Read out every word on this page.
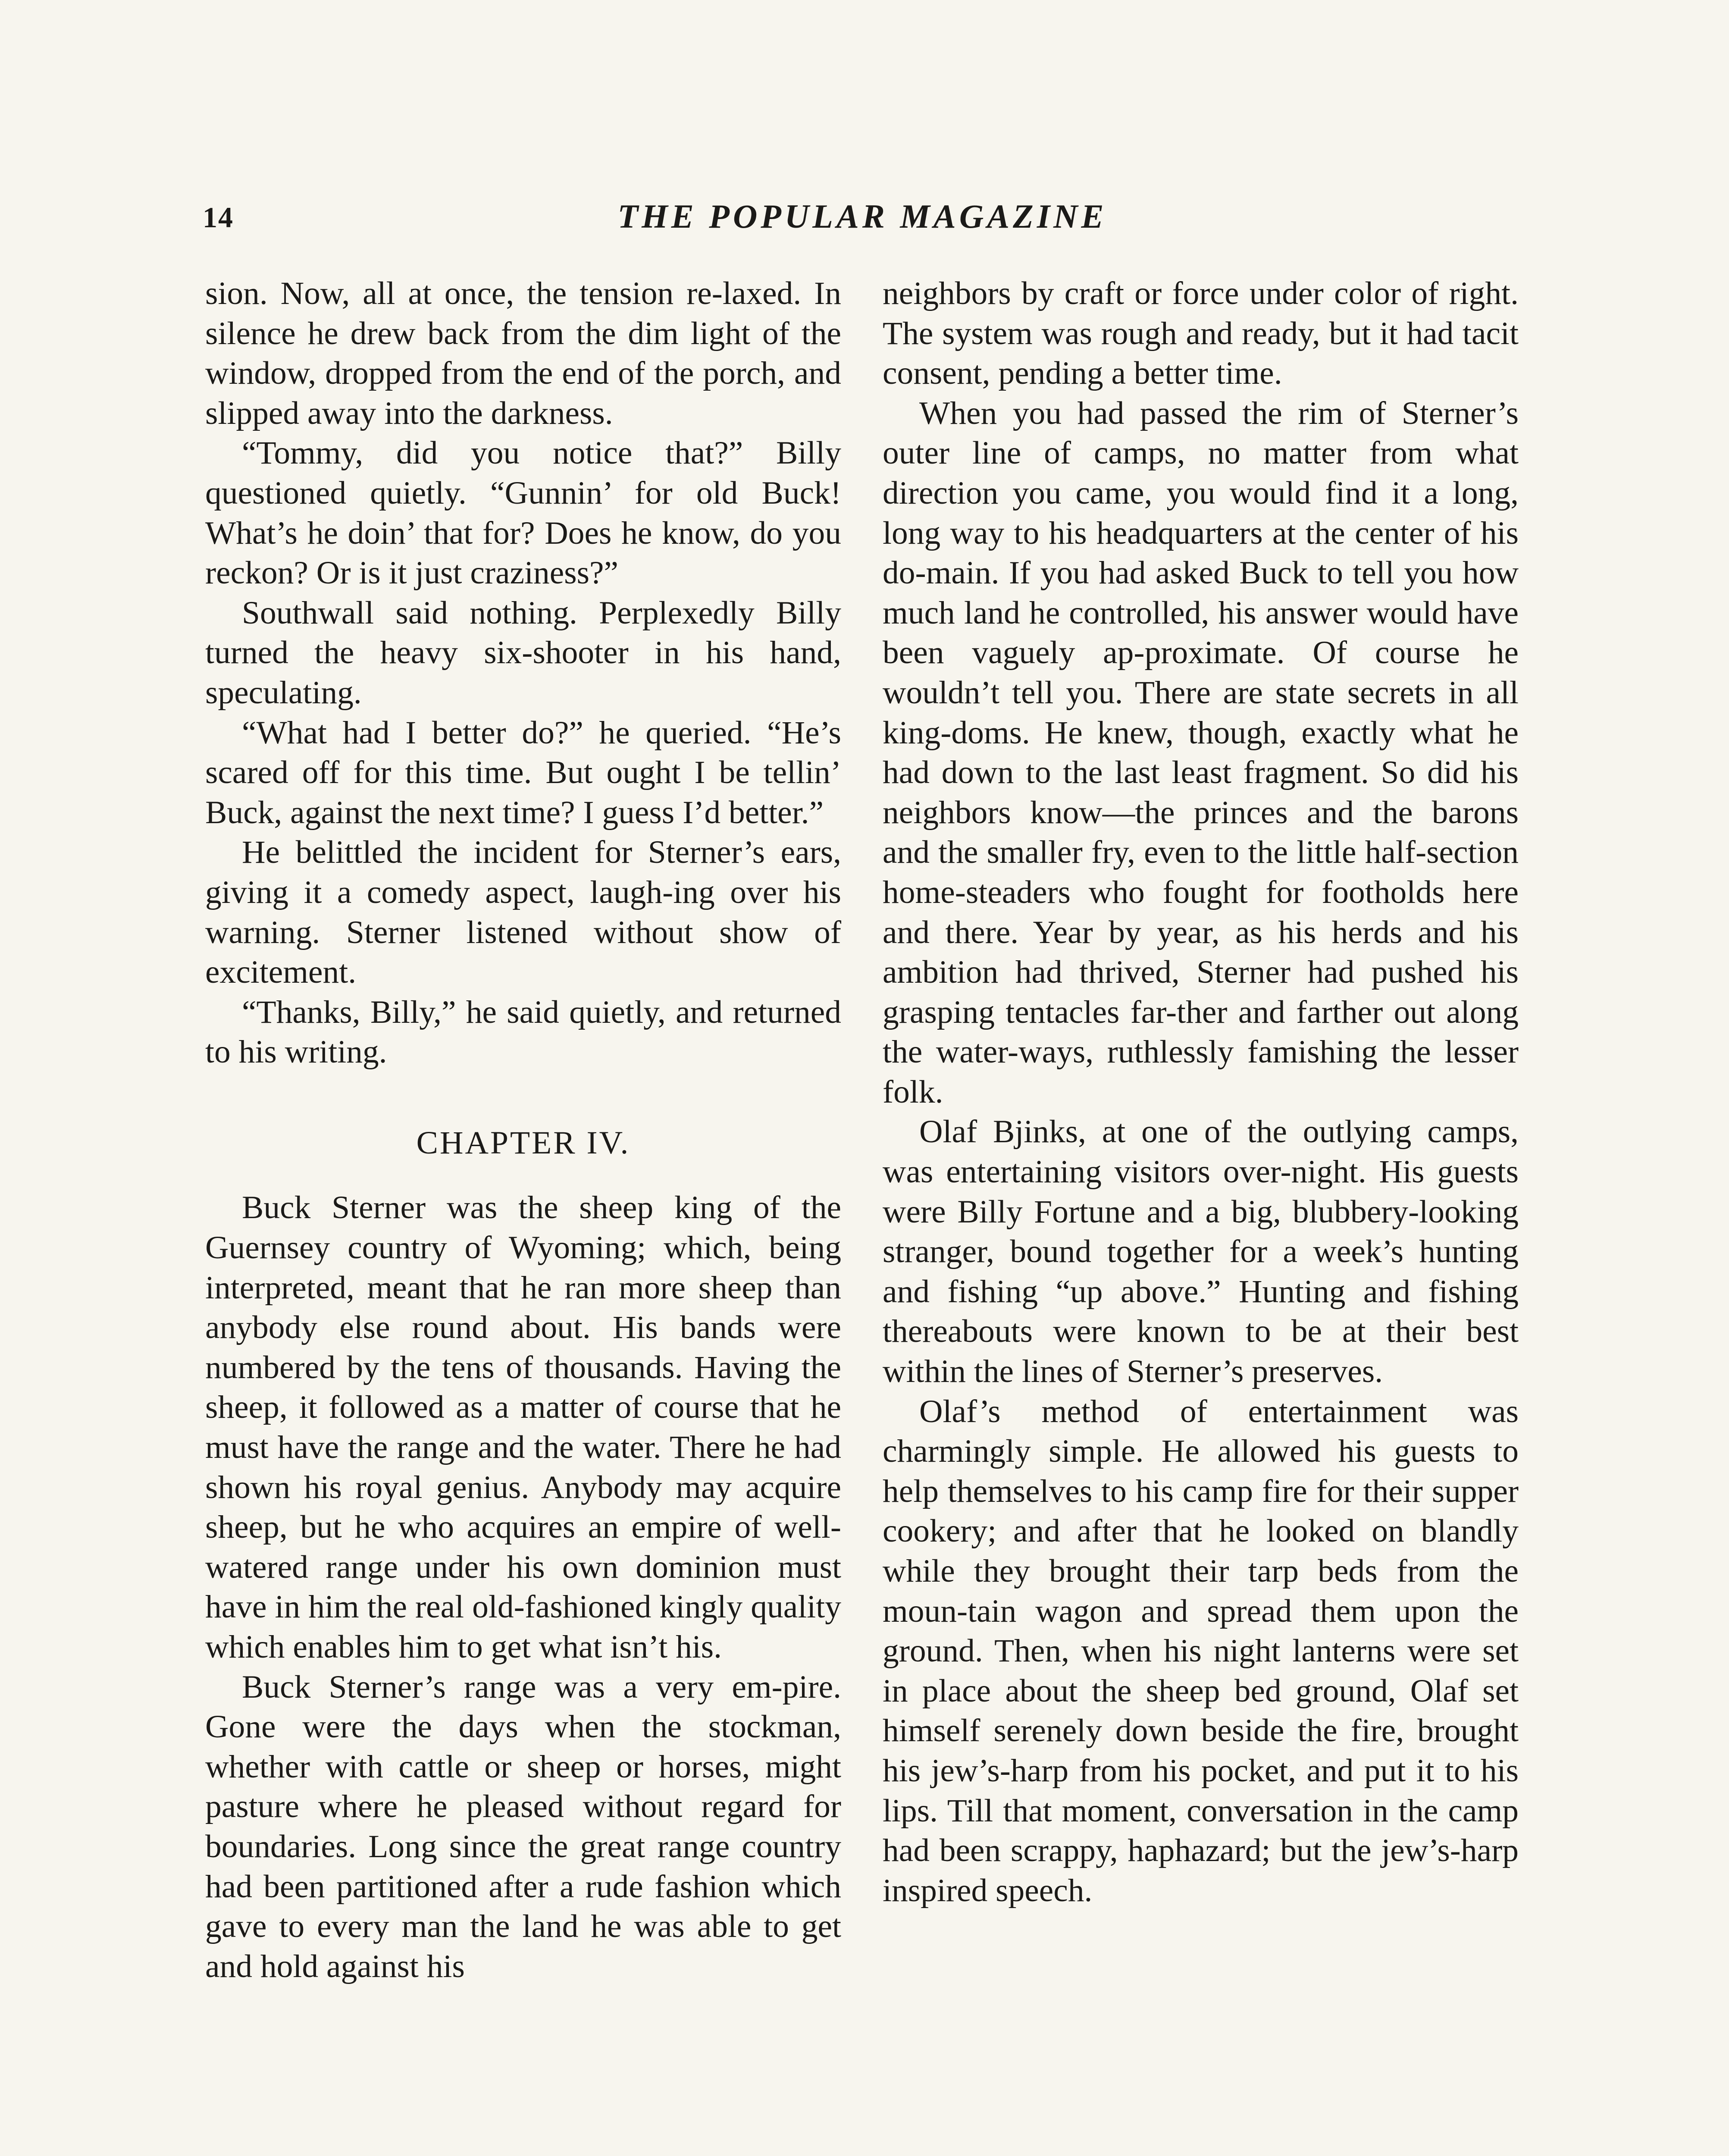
14	THE POPULAR MAGAZINE

sion. Now, all at once, the tension re-laxed. In silence he drew back from the dim light of the window, dropped from the end of the porch, and slipped away into the darkness.

“Tommy, did you notice that?” Billy questioned quietly. “Gunnin’ for old Buck! What’s he doin’ that for? Does he know, do you reckon? Or is it just craziness?”

Southwall said nothing. Perplexedly Billy turned the heavy six-shooter in his hand, speculating.

“What had I better do?” he queried. “He’s scared off for this time. But ought I be tellin’ Buck, against the next time? I guess I’d better.”

He belittled the incident for Sterner’s ears, giving it a comedy aspect, laugh-ing over his warning. Sterner listened without show of excitement.

“Thanks, Billy,” he said quietly, and returned to his writing.

CHAPTER IV.

Buck Sterner was the sheep king of the Guernsey country of Wyoming; which, being interpreted, meant that he ran more sheep than anybody else round about. His bands were numbered by the tens of thousands. Having the sheep, it followed as a matter of course that he must have the range and the water. There he had shown his royal genius. Anybody may acquire sheep, but he who acquires an empire of well-watered range under his own dominion must have in him the real old-fashioned kingly quality which enables him to get what isn’t his.

Buck Sterner’s range was a very em-pire. Gone were the days when the stockman, whether with cattle or sheep or horses, might pasture where he pleased without regard for boundaries. Long since the great range country had been partitioned after a rude fashion which gave to every man the land he was able to get and hold against his

neighbors by craft or force under color of right. The system was rough and ready, but it had tacit consent, pending a better time.

When you had passed the rim of Sterner’s outer line of camps, no matter from what direction you came, you would find it a long, long way to his headquarters at the center of his do-main. If you had asked Buck to tell you how much land he controlled, his answer would have been vaguely ap-proximate. Of course he wouldn’t tell you. There are state secrets in all king-doms. He knew, though, exactly what he had down to the last least fragment. So did his neighbors know—the princes and the barons and the smaller fry, even to the little half-section home-steaders who fought for footholds here and there. Year by year, as his herds and his ambition had thrived, Sterner had pushed his grasping tentacles far-ther and farther out along the water-ways, ruthlessly famishing the lesser folk.

Olaf Bjinks, at one of the outlying camps, was entertaining visitors over-night. His guests were Billy Fortune and a big, blubbery-looking stranger, bound together for a week’s hunting and fishing “up above.” Hunting and fishing thereabouts were known to be at their best within the lines of Sterner’s preserves.

Olaf’s method of entertainment was charmingly simple. He allowed his guests to help themselves to his camp fire for their supper cookery; and after that he looked on blandly while they brought their tarp beds from the moun-tain wagon and spread them upon the ground. Then, when his night lanterns were set in place about the sheep bed ground, Olaf set himself serenely down beside the fire, brought his jew’s-harp from his pocket, and put it to his lips. Till that moment, conversation in the camp had been scrappy, haphazard; but the jew’s-harp inspired speech.
